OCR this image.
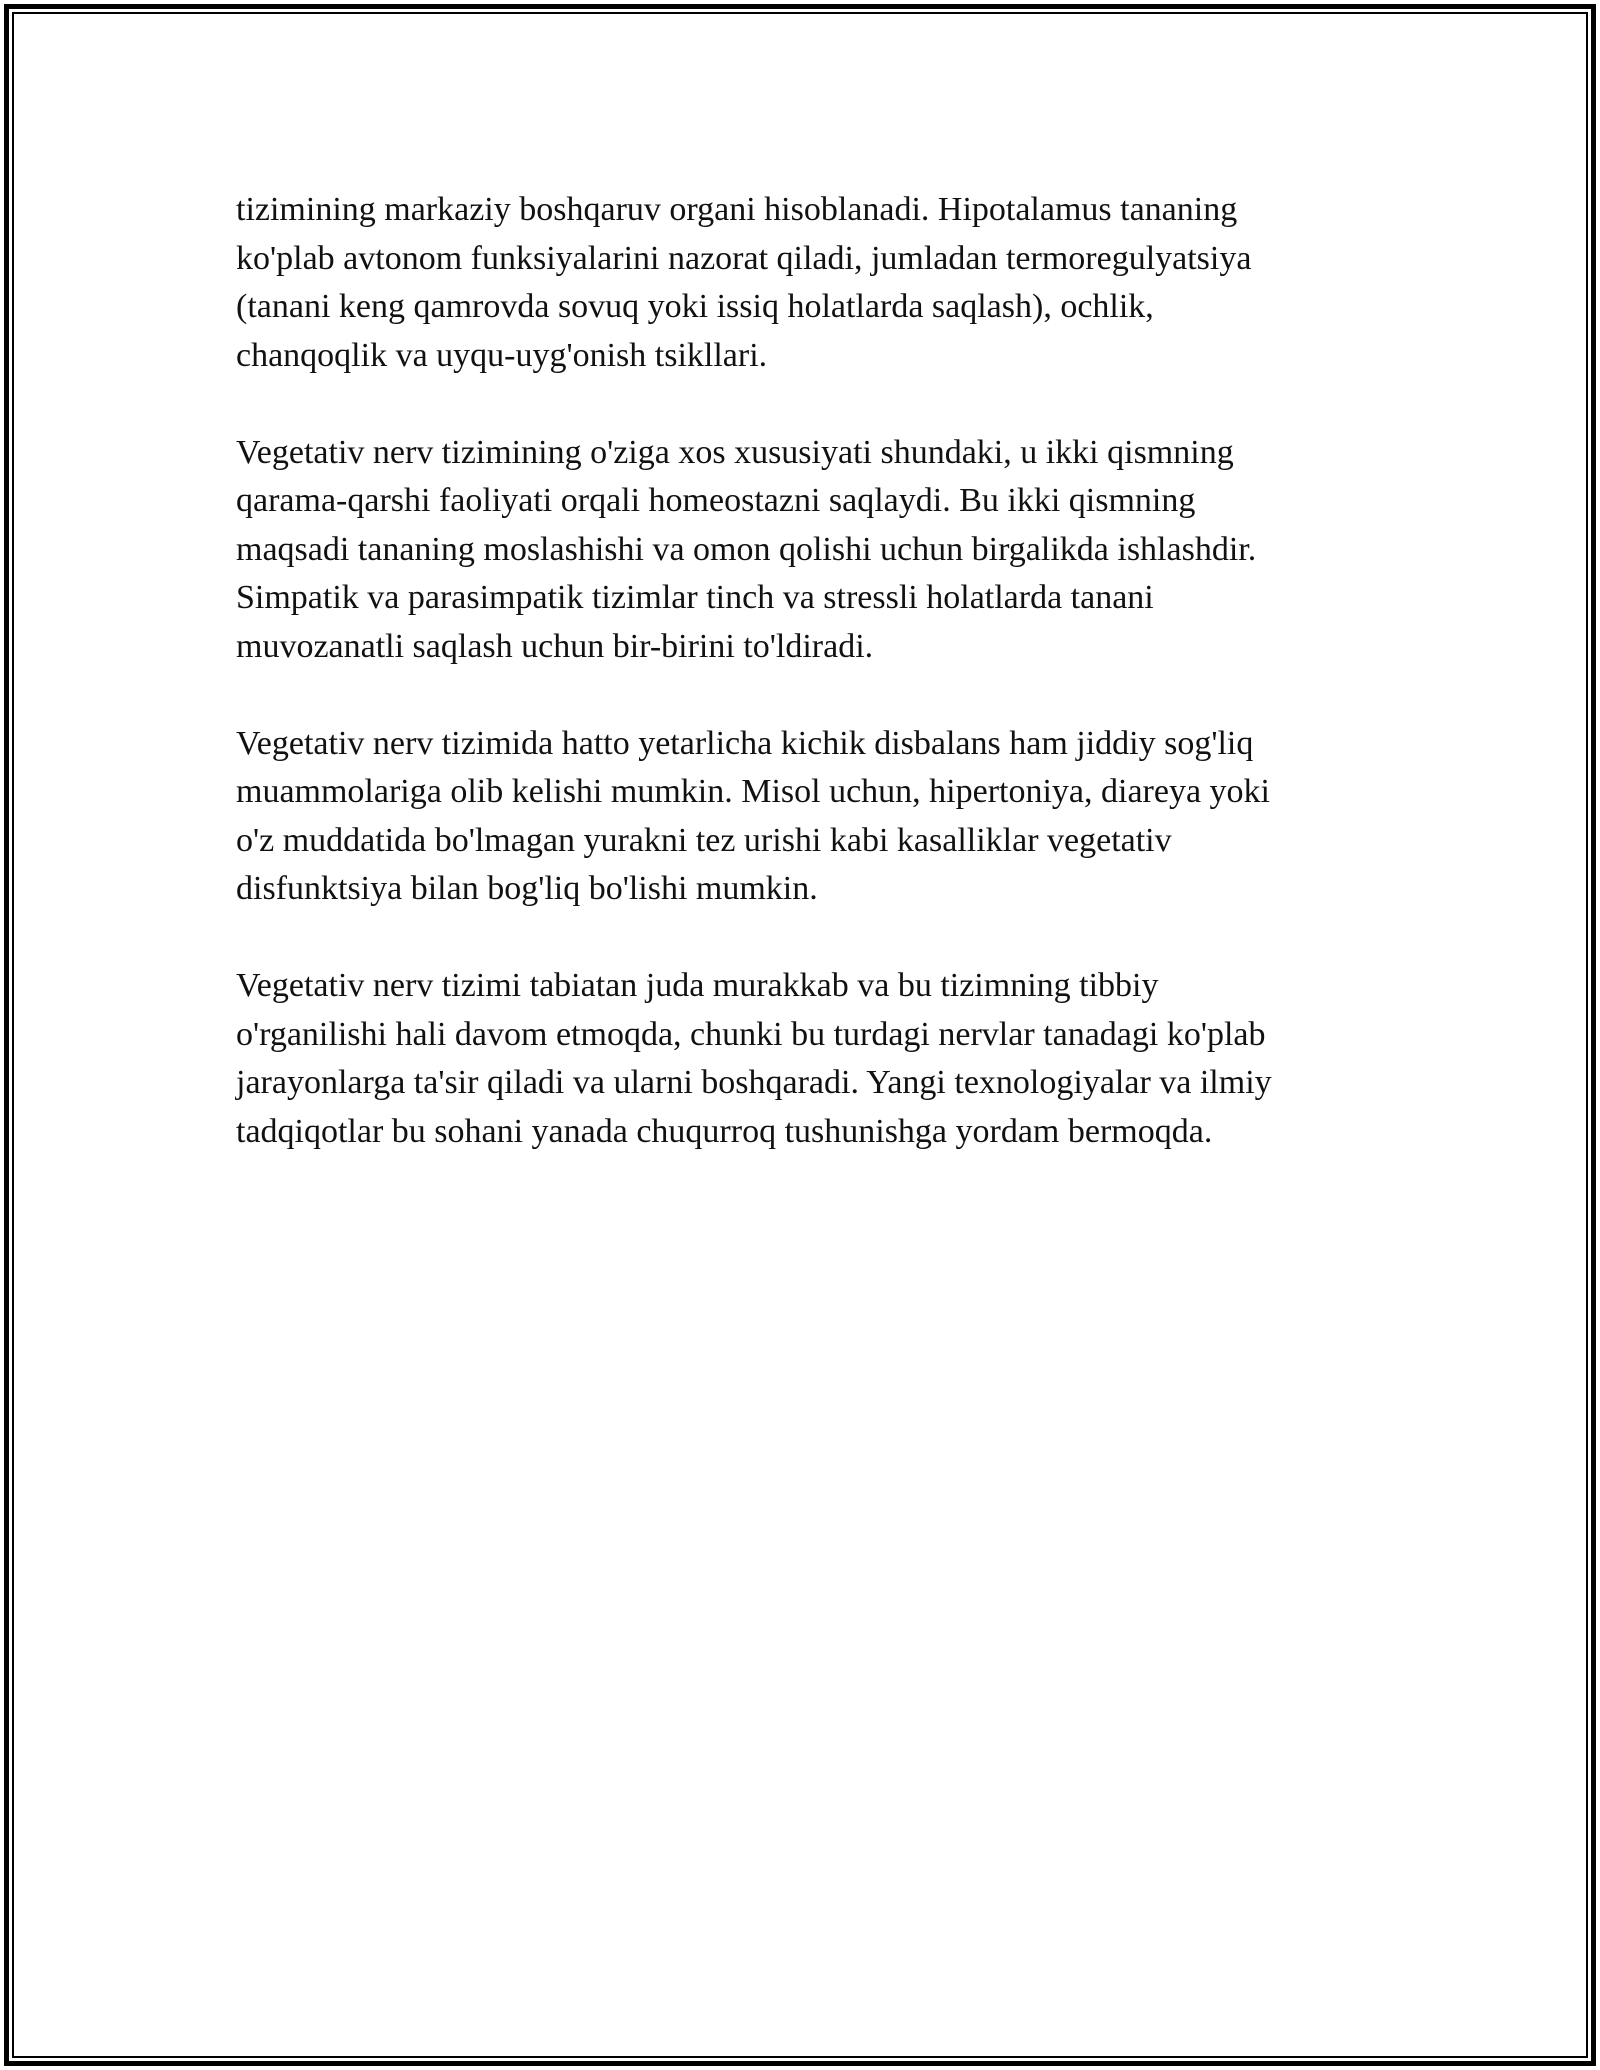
tizimining markaziy boshqaruv organi hisoblanadi. Hipotalamus tananing
ko'plab avtonom funksiyalarini nazorat qiladi, jumladan termoregulyatsiya
(tanani keng qamrovda sovuq yoki issiq holatlarda saqlash), ochlik,
chanqoqlik va uyqu-uyg'onish tsikllari.

Vegetativ nerv tizimining o'ziga xos xususiyati shundaki, u ikki qismning
qarama-qarshi faoliyati orqali homeostazni saqlaydi. Bu ikki qismning
maqsadi tananing moslashishi va omon qolishi uchun birgalikda ishlashdir.
Simpatik va parasimpatik tizimlar tinch va stressli holatlarda tanani
muvozanatli saqlash uchun bir-birini to'ldiradi.

Vegetativ nerv tizimida hatto yetarlicha kichik disbalans ham jiddiy sog'liq
muammolariga olib kelishi mumkin. Misol uchun, hipertoniya, diareya yoki
o'z muddatida bo'lmagan yurakni tez urishi kabi kasalliklar vegetativ
disfunktsiya bilan bog'liq bo'lishi mumkin.

Vegetativ nerv tizimi tabiatan juda murakkab va bu tizimning tibbiy
o'rganilishi hali davom etmoqda, chunki bu turdagi nervlar tanadagi ko'plab
jarayonlarga ta'sir qiladi va ularni boshqaradi. Yangi texnologiyalar va ilmiy
tadqiqotlar bu sohani yanada chuqurroq tushunishga yordam bermoqda.
